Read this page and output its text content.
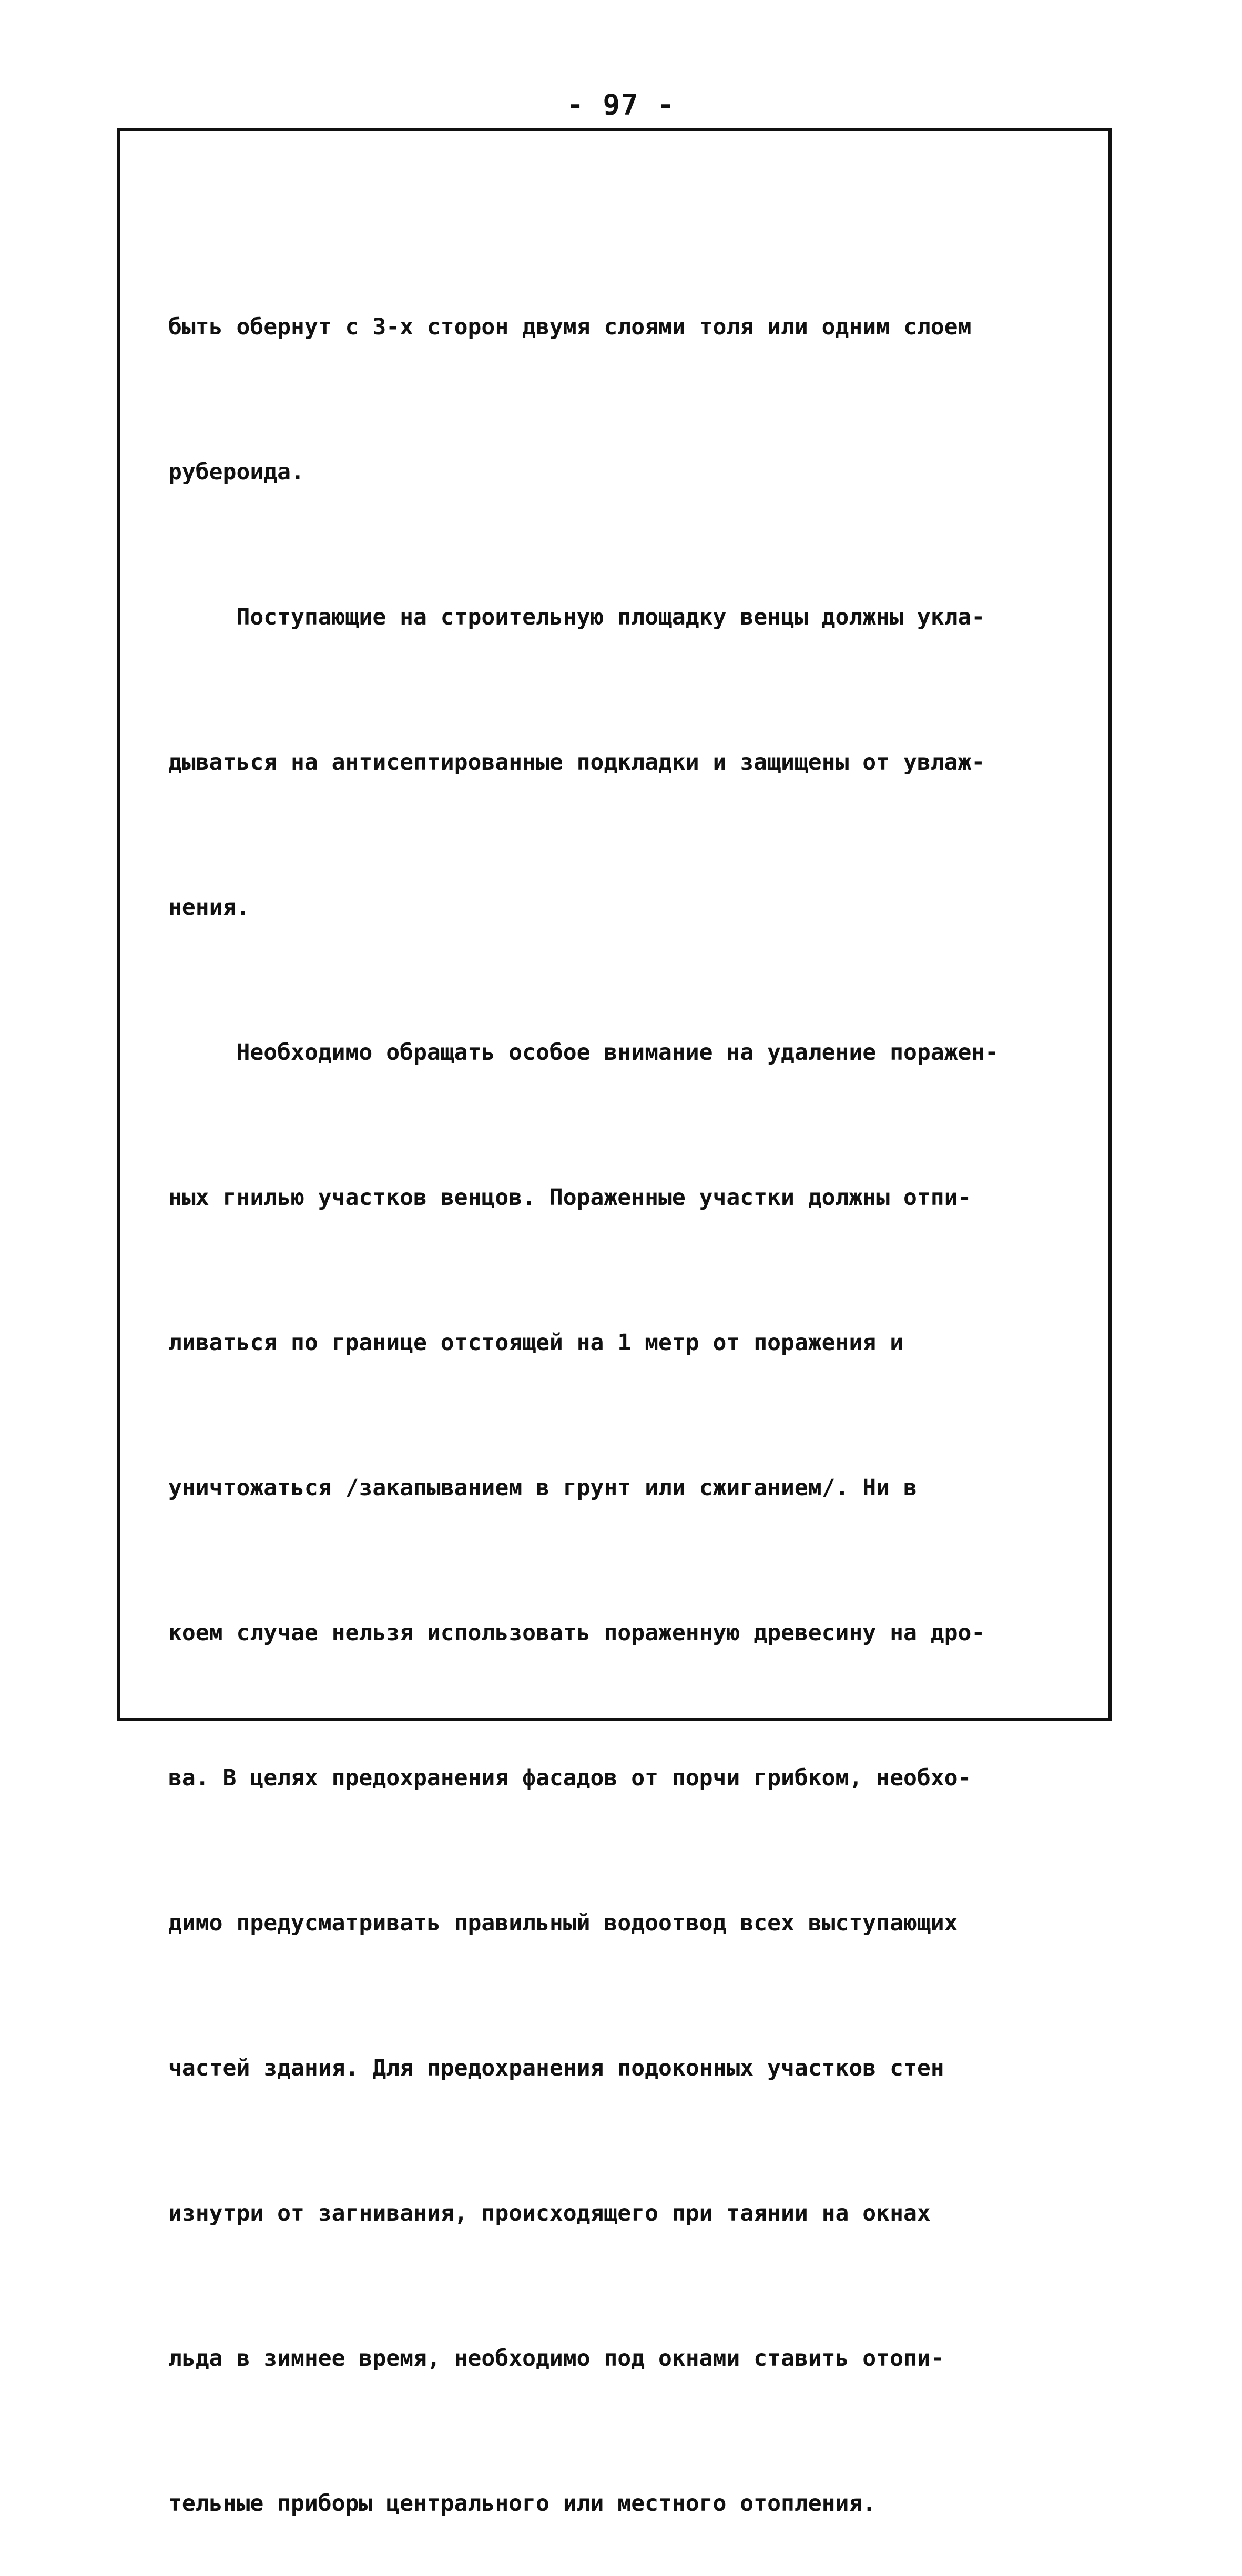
- 97 -

быть обернут с 3-х сторон двумя слоями толя или одним слоем

рубероида.

Поступающие на строительную площадку венцы должны укла-

дываться на антисептированные подкладки и защищены от увлаж-

нения.

Необходимо обращать особое внимание на удаление поражен-

ных гнилью участков венцов. Пораженные участки должны отпи-

ливаться по границе отстоящей на 1 метр от поражения и

уничтожаться /закапыванием в грунт или сжиганием/. Ни в

коем случае нельзя использовать пораженную древесину на дро-

ва. В целях предохранения фасадов от порчи грибком, необхо-

димо предусматривать правильный водоотвод всех выступающих

частей здания. Для предохранения подоконных участков стен

изнутри от загнивания, происходящего при таянии на окнах

льда в зимнее время, необходимо под окнами ставить отопи-

тельные приборы центрального или местного отопления.
